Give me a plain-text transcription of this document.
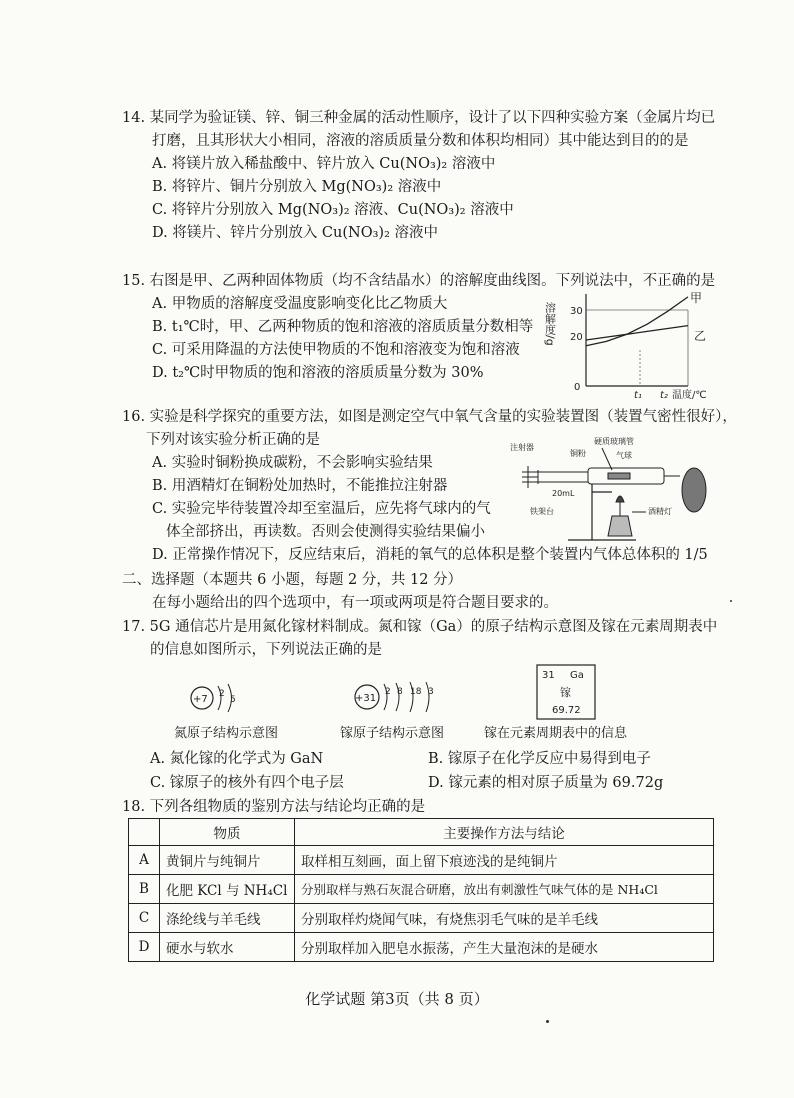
14. 某同学为验证镁、锌、铜三种金属的活动性顺序，设计了以下四种实验方案（金属片均已
打磨，且其形状大小相同，溶液的溶质质量分数和体积均相同）其中能达到目的的是
A. 将镁片放入稀盐酸中、锌片放入 Cu(NO₃)₂ 溶液中
B. 将锌片、铜片分别放入 Mg(NO₃)₂ 溶液中
C. 将锌片分别放入 Mg(NO₃)₂ 溶液、Cu(NO₃)₂ 溶液中
D. 将镁片、锌片分别放入 Cu(NO₃)₂ 溶液中
15. 右图是甲、乙两种固体物质（均不含结晶水）的溶解度曲线图。下列说法中，不正确的是
A. 甲物质的溶解度受温度影响变化比乙物质大
B. t₁℃时，甲、乙两种物质的饱和溶液的溶质质量分数相等
C. 可采用降温的方法使甲物质的不饱和溶液变为饱和溶液
D. t₂℃时甲物质的饱和溶液的溶质质量分数为 30%
溶解度/g 30
20
0
t₁ t₂ 温度/℃
甲
乙
16. 实验是科学探究的重要方法，如图是测定空气中氧气含量的实验装置图（装置气密性很好），
下列对该实验分析正确的是
A. 实验时铜粉换成碳粉，不会影响实验结果
B. 用酒精灯在铜粉处加热时，不能推拉注射器
C. 实验完毕待装置冷却至室温后，应先将气球内的气
体全部挤出，再读数。否则会使测得实验结果偏小
D. 正常操作情况下，反应结束后，消耗的氧气的总体积是整个装置内气体总体积的 1/5
注射器
硬质玻璃管
铜粉	气球
20mL
铁架台	酒精灯
二、选择题（本题共 6 小题，每题 2 分，共 12 分）
在每小题给出的四个选项中，有一项或两项是符合题目要求的。
17. 5G 通信芯片是用氮化镓材料制成。氮和镓（Ga）的原子结构示意图及镓在元素周期表中
的信息如图所示，下列说法正确的是
+7 2
5	+31
2 8 18 3
31 Ga
镓
69.72
氮原子结构示意图	镓原子结构示意图	镓在元素周期表中的信息
A. 氮化镓的化学式为 GaN	B. 镓原子在化学反应中易得到电子
C. 镓原子的核外有四个电子层	D. 镓元素的相对原子质量为 69.72g
18. 下列各组物质的鉴别方法与结论均正确的是
	物质	主要操作方法与结论
A	黄铜片与纯铜片	取样相互刻画，面上留下痕迹浅的是纯铜片
B	化肥 KCl 与 NH₄Cl	分别取样与熟石灰混合研磨，放出有刺激性气味气体的是 NH₄Cl
C	涤纶线与羊毛线	分别取样灼烧闻气味，有烧焦羽毛气味的是羊毛线
D	硬水与软水	分别取样加入肥皂水振荡，产生大量泡沫的是硬水
化学试题 第3页（共 8 页）
